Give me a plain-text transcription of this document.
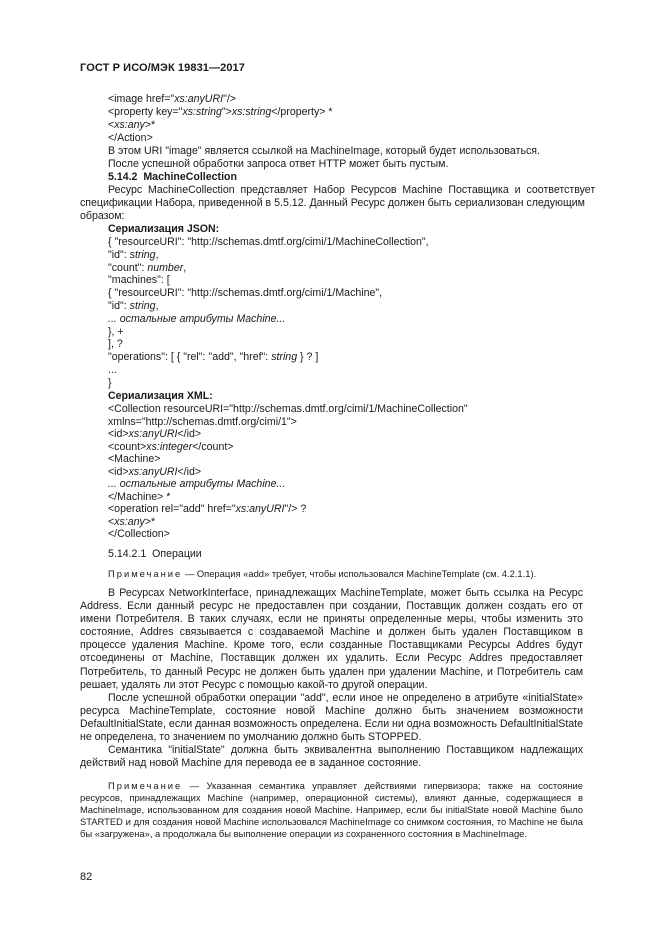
ГОСТ Р ИСО/МЭК 19831—2017
<image href="xs:anyURI"/>
<property key="xs:string">xs:string</property> *
<xs:any>*
</Action>
В этом URI "image" является ссылкой на MachineImage, который будет использоваться.
После успешной обработки запроса ответ HTTP может быть пустым.
5.14.2 MachineCollection
Ресурс  MachineCollection  представляет  Набор  Ресурсов  Machine  Поставщика  и  соответствует
спецификации Набора, приведенной в 5.5.12. Данный Ресурс должен быть сериализован следующим
образом:
Сериализация JSON:
{ "resourceURI": "http://schemas.dmtf.org/cimi/1/MachineCollection",
"id": string,
"count": number,
"machines": [
{ "resourceURI": "http://schemas.dmtf.org/cimi/1/Machine",
"id": string,
... остальные атрибуты Machine...
}, +
], ?
"operations": [ { "rel": "add", "href": string } ? ]
...
}
Сериализация XML:
<Collection resourceURI="http://schemas.dmtf.org/cimi/1/MachineCollection"
xmlns="http://schemas.dmtf.org/cimi/1">
<id>xs:anyURI</id>
<count>xs:integer</count>
<Machine>
<id>xs:anyURI</id>
... остальные атрибуты Machine...
</Machine> *
<operation rel="add" href="xs:anyURI"/> ?
<xs:any>*
</Collection>
5.14.2.1  Операции
Примечание — Операция «add» требует, чтобы использовался MachineTemplate (см. 4.2.1.1).

В Ресурсах NetworkInterface, принадлежащих MachineTemplate, может быть ссылка на Ресурс Address. Если данный ресурс не предоставлен при создании, Поставщик должен создать его от имени Потребителя. В таких случаях, если не приняты определенные меры, чтобы изменить это состояние, Addres связывается с создаваемой Machine и должен быть удален Поставщиком в процессе удаления Machine. Кроме того, если созданные Поставщиками Ресурсы Addres будут отсоединены от Machine, Поставщик должен их удалить. Если Ресурс Addres предоставляет Потребитель, то данный Ресурс не должен быть удален при удалении Machine, и Потребитель сам решает, удалять ли этот Ресурс с помощью какой-то другой операции.

После успешной обработки операции "add", если иное не определено в атрибуте «initialState» ресурса MachineTemplate, состояние новой Machine должно быть значением возможности DefaultInitialState, если данная возможность определена. Если ни одна возможность DefaultInitialState не определена, то значением по умолчанию должно быть STOPPED.

Семантика "initialState" должна быть эквивалентна выполнению Поставщиком надлежащих действий над новой Machine для перевода ее в заданное состояние.

Примечание — Указанная семантика управляет действиями гипервизора; также на состояние ресурсов, принадлежащих Machine (например, операционной системы), влияют данные, содержащиеся в MachineImage, использованном для создания новой Machine. Например, если бы initialState новой Machine было STARTED и для создания новой Machine использовался MachineImage со снимком состояния, то Machine не была бы «загружена», а продолжала бы выполнение операции из сохраненного состояния в MachineImage.

82
